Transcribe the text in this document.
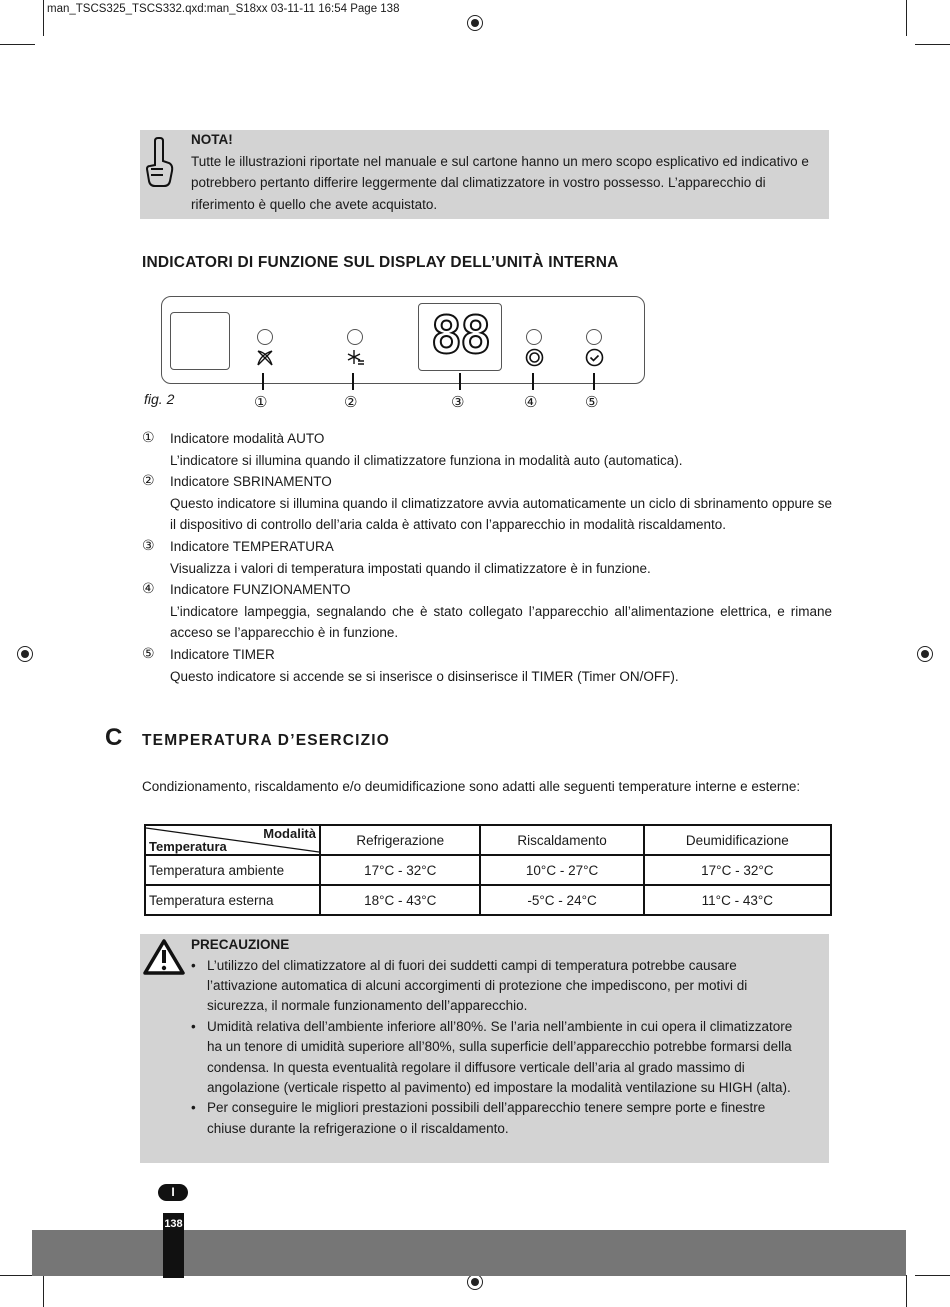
man_TSCS325_TSCS332.qxd:man_S18xx 03-11-11 16:54 Page 138
NOTA!
Tutte le illustrazioni riportate nel manuale e sul cartone hanno un mero scopo esplicativo ed indicativo e potrebbero pertanto differire leggermente dal climatizzatore in vostro possesso. L’apparecchio di riferimento è quello che avete acquistato.
INDICATORI DI FUNZIONE SUL DISPLAY DELL’UNITÀ INTERNA
88
fig. 2	①	②	③	④	⑤
① Indicatore modalità AUTO
L’indicatore si illumina quando il climatizzatore funziona in modalità auto (automatica).
② Indicatore SBRINAMENTO
Questo indicatore si illumina quando il climatizzatore avvia automaticamente un ciclo di sbrinamento oppure se il dispositivo di controllo dell’aria calda è attivato con l’apparecchio in modalità riscaldamento.
③ Indicatore TEMPERATURA
Visualizza i valori di temperatura impostati quando il climatizzatore è in funzione.
④ Indicatore FUNZIONAMENTO
L’indicatore lampeggia, segnalando che è stato collegato l’apparecchio all’alimentazione elettrica, e rimane acceso se l’apparecchio è in funzione.
⑤ Indicatore TIMER
Questo indicatore si accende se si inserisce o disinserisce il TIMER (Timer ON/OFF).
C TEMPERATURA D’ESERCIZIO
Condizionamento, riscaldamento e/o deumidificazione sono adatti alle seguenti temperature interne e esterne:
Modalità
Temperatura	Refrigerazione	Riscaldamento	Deumidificazione
Temperatura ambiente	17°C - 32°C	10°C - 27°C	17°C - 32°C
Temperatura esterna	18°C - 43°C	-5°C - 24°C	11°C - 43°C
PRECAUZIONE
• L’utilizzo del climatizzatore al di fuori dei suddetti campi di temperatura potrebbe causare l’attivazione automatica di alcuni accorgimenti di protezione che impediscono, per motivi di sicurezza, il normale funzionamento dell’apparecchio.
• Umidità relativa dell’ambiente inferiore all’80%. Se l’aria nell’ambiente in cui opera il climatizzatore ha un tenore di umidità superiore all’80%, sulla superficie dell’apparecchio potrebbe formarsi della condensa. In questa eventualità regolare il diffusore verticale dell’aria al grado massimo di angolazione (verticale rispetto al pavimento) ed impostare la modalità ventilazione su HIGH (alta).
• Per conseguire le migliori prestazioni possibili dell’apparecchio tenere sempre porte e finestre chiuse durante la refrigerazione o il riscaldamento.
I
138
